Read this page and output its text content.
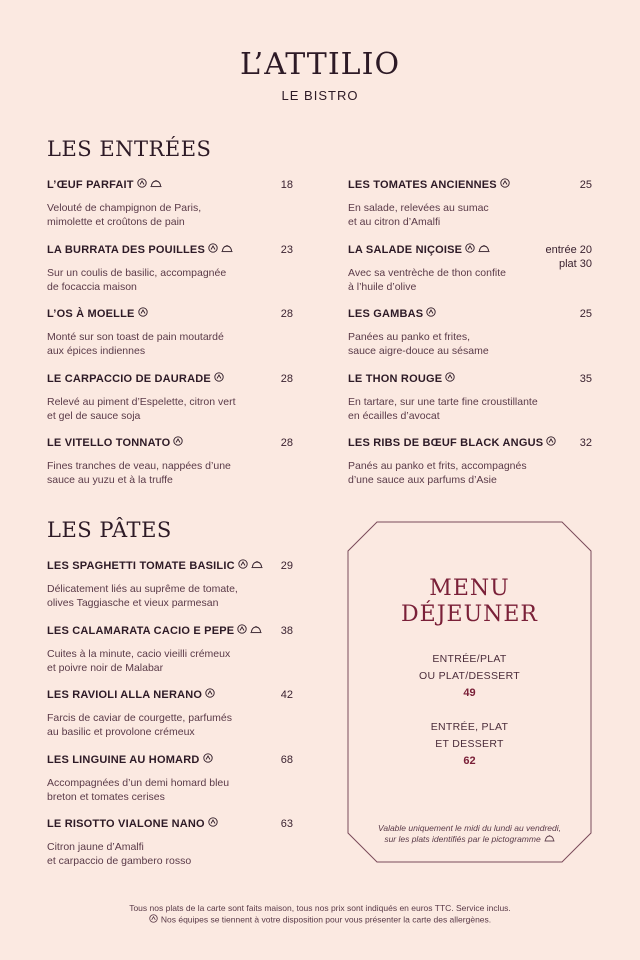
L’ATTILIO
LE BISTRO
LES ENTRÉES
L’ŒUF PARFAIT	18
Velouté de champignon de Paris,
mimolette et croûtons de pain
LA BURRATA DES POUILLES	23
Sur un coulis de basilic, accompagnée
de focaccia maison
L’OS À MOELLE	28
Monté sur son toast de pain moutardé
aux épices indiennes
LE CARPACCIO DE DAURADE	28
Relevé au piment d’Espelette, citron vert
et gel de sauce soja
LE VITELLO TONNATO	28
Fines tranches de veau, nappées d’une
sauce au yuzu et à la truffe
LES TOMATES ANCIENNES	25
En salade, relevées au sumac
et au citron d’Amalfi
LA SALADE NIÇOISE	entrée 20
plat 30
Avec sa ventrèche de thon confite
à l’huile d’olive
LES GAMBAS	25
Panées au panko et frites,
sauce aigre-douce au sésame
LE THON ROUGE	35
En tartare, sur une tarte fine croustillante
en écailles d’avocat
LES RIBS DE BŒUF BLACK ANGUS	32
Panés au panko et frits, accompagnés
d’une sauce aux parfums d’Asie
LES PÂTES
LES SPAGHETTI TOMATE BASILIC	29
Délicatement liés au suprême de tomate,
olives Taggiasche et vieux parmesan
LES CALAMARATA CACIO E PEPE	38
Cuites à la minute, cacio vieilli crémeux
et poivre noir de Malabar
LES RAVIOLI ALLA NERANO	42
Farcis de caviar de courgette, parfumés
au basilic et provolone crémeux
LES LINGUINE AU HOMARD	68
Accompagnées d’un demi homard bleu
breton et tomates cerises
LE RISOTTO VIALONE NANO	63
Citron jaune d’Amalfi
et carpaccio de gambero rosso
MENU
DÉJEUNER
ENTRÉE/PLAT
OU PLAT/DESSERT
49
ENTRÉE, PLAT
ET DESSERT
62
Valable uniquement le midi du lundi au vendredi,
sur les plats identifiés par le pictogramme
Tous nos plats de la carte sont faits maison, tous nos prix sont indiqués en euros TTC. Service inclus.
Nos équipes se tiennent à votre disposition pour vous présenter la carte des allergènes.
